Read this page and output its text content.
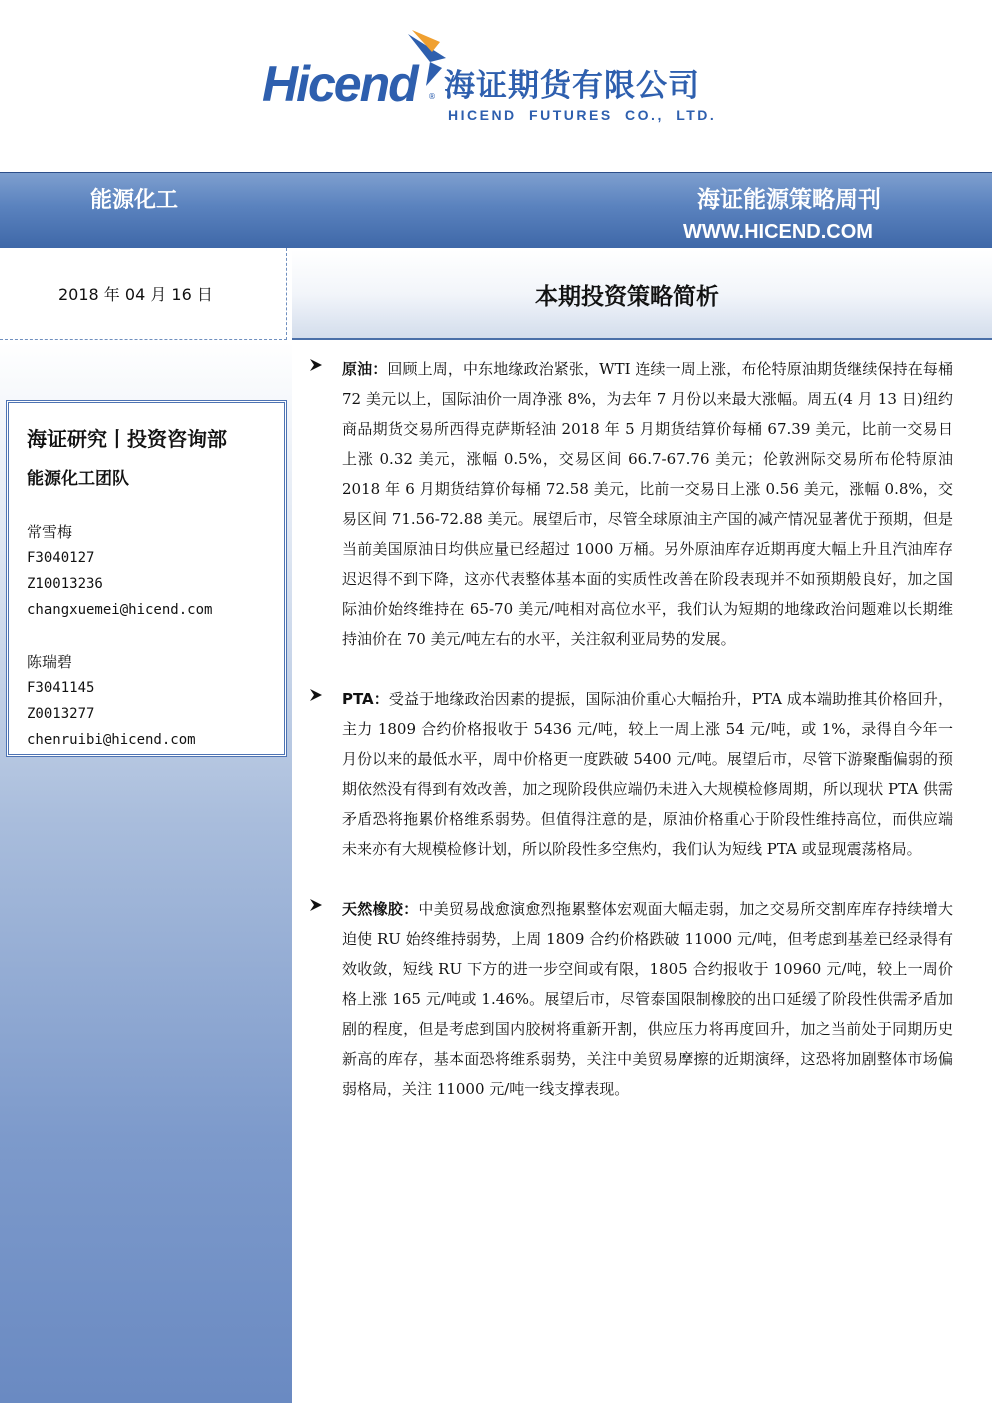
Hicend ® 海证期货有限公司
HICEND FUTURES CO., LTD.
能源化工	海证能源策略周刊
WWW.HICEND.COM
2018 年 04 月 16 日	本期投资策略简析
海证研究丨投资咨询部
能源化工团队
常雪梅
F3040127
Z10013236
changxuemei@hicend.com
陈瑞碧
F3041145
Z0013277
chenruibi@hicend.com

原油：回顾上周，中东地缘政治紧张，WTI 连续一周上涨，布伦特原油期货继续保持在每桶 72 美元以上，国际油价一周净涨 8%，为去年 7 月份以来最大涨幅。周五(4 月 13 日)纽约商品期货交易所西得克萨斯轻油 2018 年 5 月期货结算价每桶 67.39 美元，比前一交易日上涨 0.32 美元，涨幅 0.5%，交易区间 66.7-67.76 美元；伦敦洲际交易所布伦特原油 2018 年 6 月期货结算价每桶 72.58 美元，比前一交易日上涨 0.56 美元，涨幅 0.8%，交易区间 71.56-72.88 美元。展望后市，尽管全球原油主产国的减产情况显著优于预期，但是当前美国原油日均供应量已经超过 1000 万桶。另外原油库存近期再度大幅上升且汽油库存迟迟得不到下降，这亦代表整体基本面的实质性改善在阶段表现并不如预期般良好，加之国际油价始终维持在 65-70 美元/吨相对高位水平，我们认为短期的地缘政治问题难以长期维持油价在 70 美元/吨左右的水平，关注叙利亚局势的发展。

PTA：受益于地缘政治因素的提振，国际油价重心大幅抬升，PTA 成本端助推其价格回升，主力 1809 合约价格报收于 5436 元/吨，较上一周上涨 54 元/吨，或 1%，录得自今年一月份以来的最低水平，周中价格更一度跌破 5400 元/吨。展望后市，尽管下游聚酯偏弱的预期依然没有得到有效改善，加之现阶段供应端仍未进入大规模检修周期，所以现状 PTA 供需矛盾恐将拖累价格维系弱势。但值得注意的是，原油价格重心于阶段性维持高位，而供应端未来亦有大规模检修计划，所以阶段性多空焦灼，我们认为短线 PTA 或显现震荡格局。

天然橡胶：中美贸易战愈演愈烈拖累整体宏观面大幅走弱，加之交易所交割库库存持续增大迫使 RU 始终维持弱势，上周 1809 合约价格跌破 11000 元/吨，但考虑到基差已经录得有效收敛，短线 RU 下方的进一步空间或有限，1805 合约报收于 10960 元/吨，较上一周价格上涨 165 元/吨或 1.46%。展望后市，尽管泰国限制橡胶的出口延缓了阶段性供需矛盾加剧的程度，但是考虑到国内胶树将重新开割，供应压力将再度回升，加之当前处于同期历史新高的库存，基本面恐将维系弱势，关注中美贸易摩擦的近期演绎，这恐将加剧整体市场偏弱格局，关注 11000 元/吨一线支撑表现。
